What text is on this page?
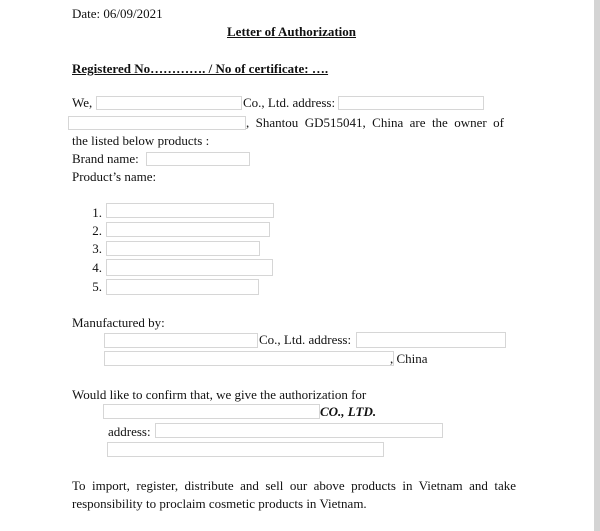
Date: 06/09/2021
Letter of Authorization
Registered No…………. / No of certificate: ….
We,	Co., Ltd. address:
, Shantou GD515041, China are the owner of
the listed below products :
Brand name:
Product’s name:
1.
2.
3.
4.
5.
Manufactured by:
Co., Ltd. address:
, China
Would like to confirm that, we give the authorization for
CO., LTD.
address:
To import, register, distribute and sell our above products in Vietnam and take
responsibility to proclaim cosmetic products in Vietnam.
